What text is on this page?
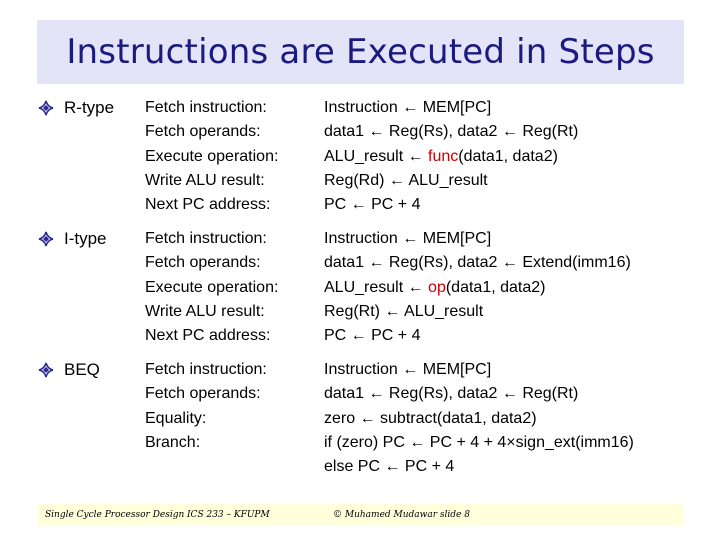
Instructions are Executed in Steps
R-type Fetch instruction:
Fetch operands:
Execute operation:
Write ALU result:
Next PC address:
Instruction ← MEM[PC]
data1 ← Reg(Rs), data2 ← Reg(Rt)
ALU_result ← func(data1, data2)
Reg(Rd) ← ALU_result
PC ← PC + 4
I-type Fetch instruction:
Fetch operands:
Execute operation:
Write ALU result:
Next PC address:
Instruction ← MEM[PC]
data1 ← Reg(Rs), data2 ← Extend(imm16)
ALU_result ← op(data1, data2)
Reg(Rt) ← ALU_result
PC ← PC + 4
BEQ	Fetch instruction:
Fetch operands:
Equality:
Branch:
Instruction ← MEM[PC]
data1 ← Reg(Rs), data2 ← Reg(Rt)
zero ← subtract(data1, data2)
if (zero) PC ← PC + 4 + 4×sign_ext(imm16)
else PC ← PC + 4
Single Cycle Processor Design ICS 233 – KFUPM	© Muhamed Mudawar slide 8
